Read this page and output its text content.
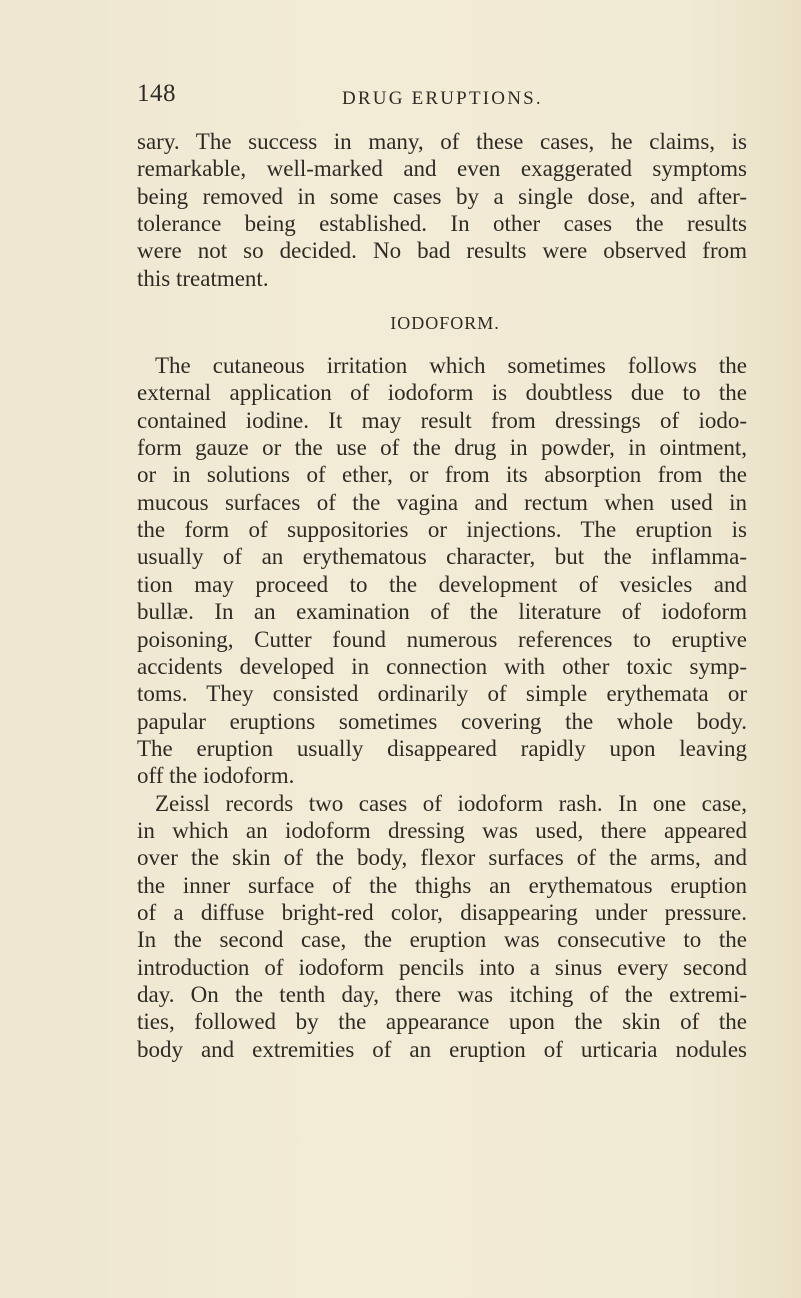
148	DRUG ERUPTIONS.
sary. The success in many, of these cases, he claims, is
remarkable, well-marked and even exaggerated symptoms
being removed in some cases by a single dose, and after-
tolerance being established. In other cases the results
were not so decided. No bad results were observed from
this treatment.
IODOFORM.
The cutaneous irritation which sometimes follows the
external application of iodoform is doubtless due to the
contained iodine. It may result from dressings of iodo-
form gauze or the use of the drug in powder, in ointment,
or in solutions of ether, or from its absorption from the
mucous surfaces of the vagina and rectum when used in
the form of suppositories or injections. The eruption is
usually of an erythematous character, but the inflamma-
tion may proceed to the development of vesicles and
bullæ. In an examination of the literature of iodoform
poisoning, Cutter found numerous references to eruptive
accidents developed in connection with other toxic symp-
toms. They consisted ordinarily of simple erythemata or
papular eruptions sometimes covering the whole body.
The eruption usually disappeared rapidly upon leaving
off the iodoform.
Zeissl records two cases of iodoform rash. In one case,
in which an iodoform dressing was used, there appeared
over the skin of the body, flexor surfaces of the arms, and
the inner surface of the thighs an erythematous eruption
of a diffuse bright-red color, disappearing under pressure.
In the second case, the eruption was consecutive to the
introduction of iodoform pencils into a sinus every second
day. On the tenth day, there was itching of the extremi-
ties, followed by the appearance upon the skin of the
body and extremities of an eruption of urticaria nodules
